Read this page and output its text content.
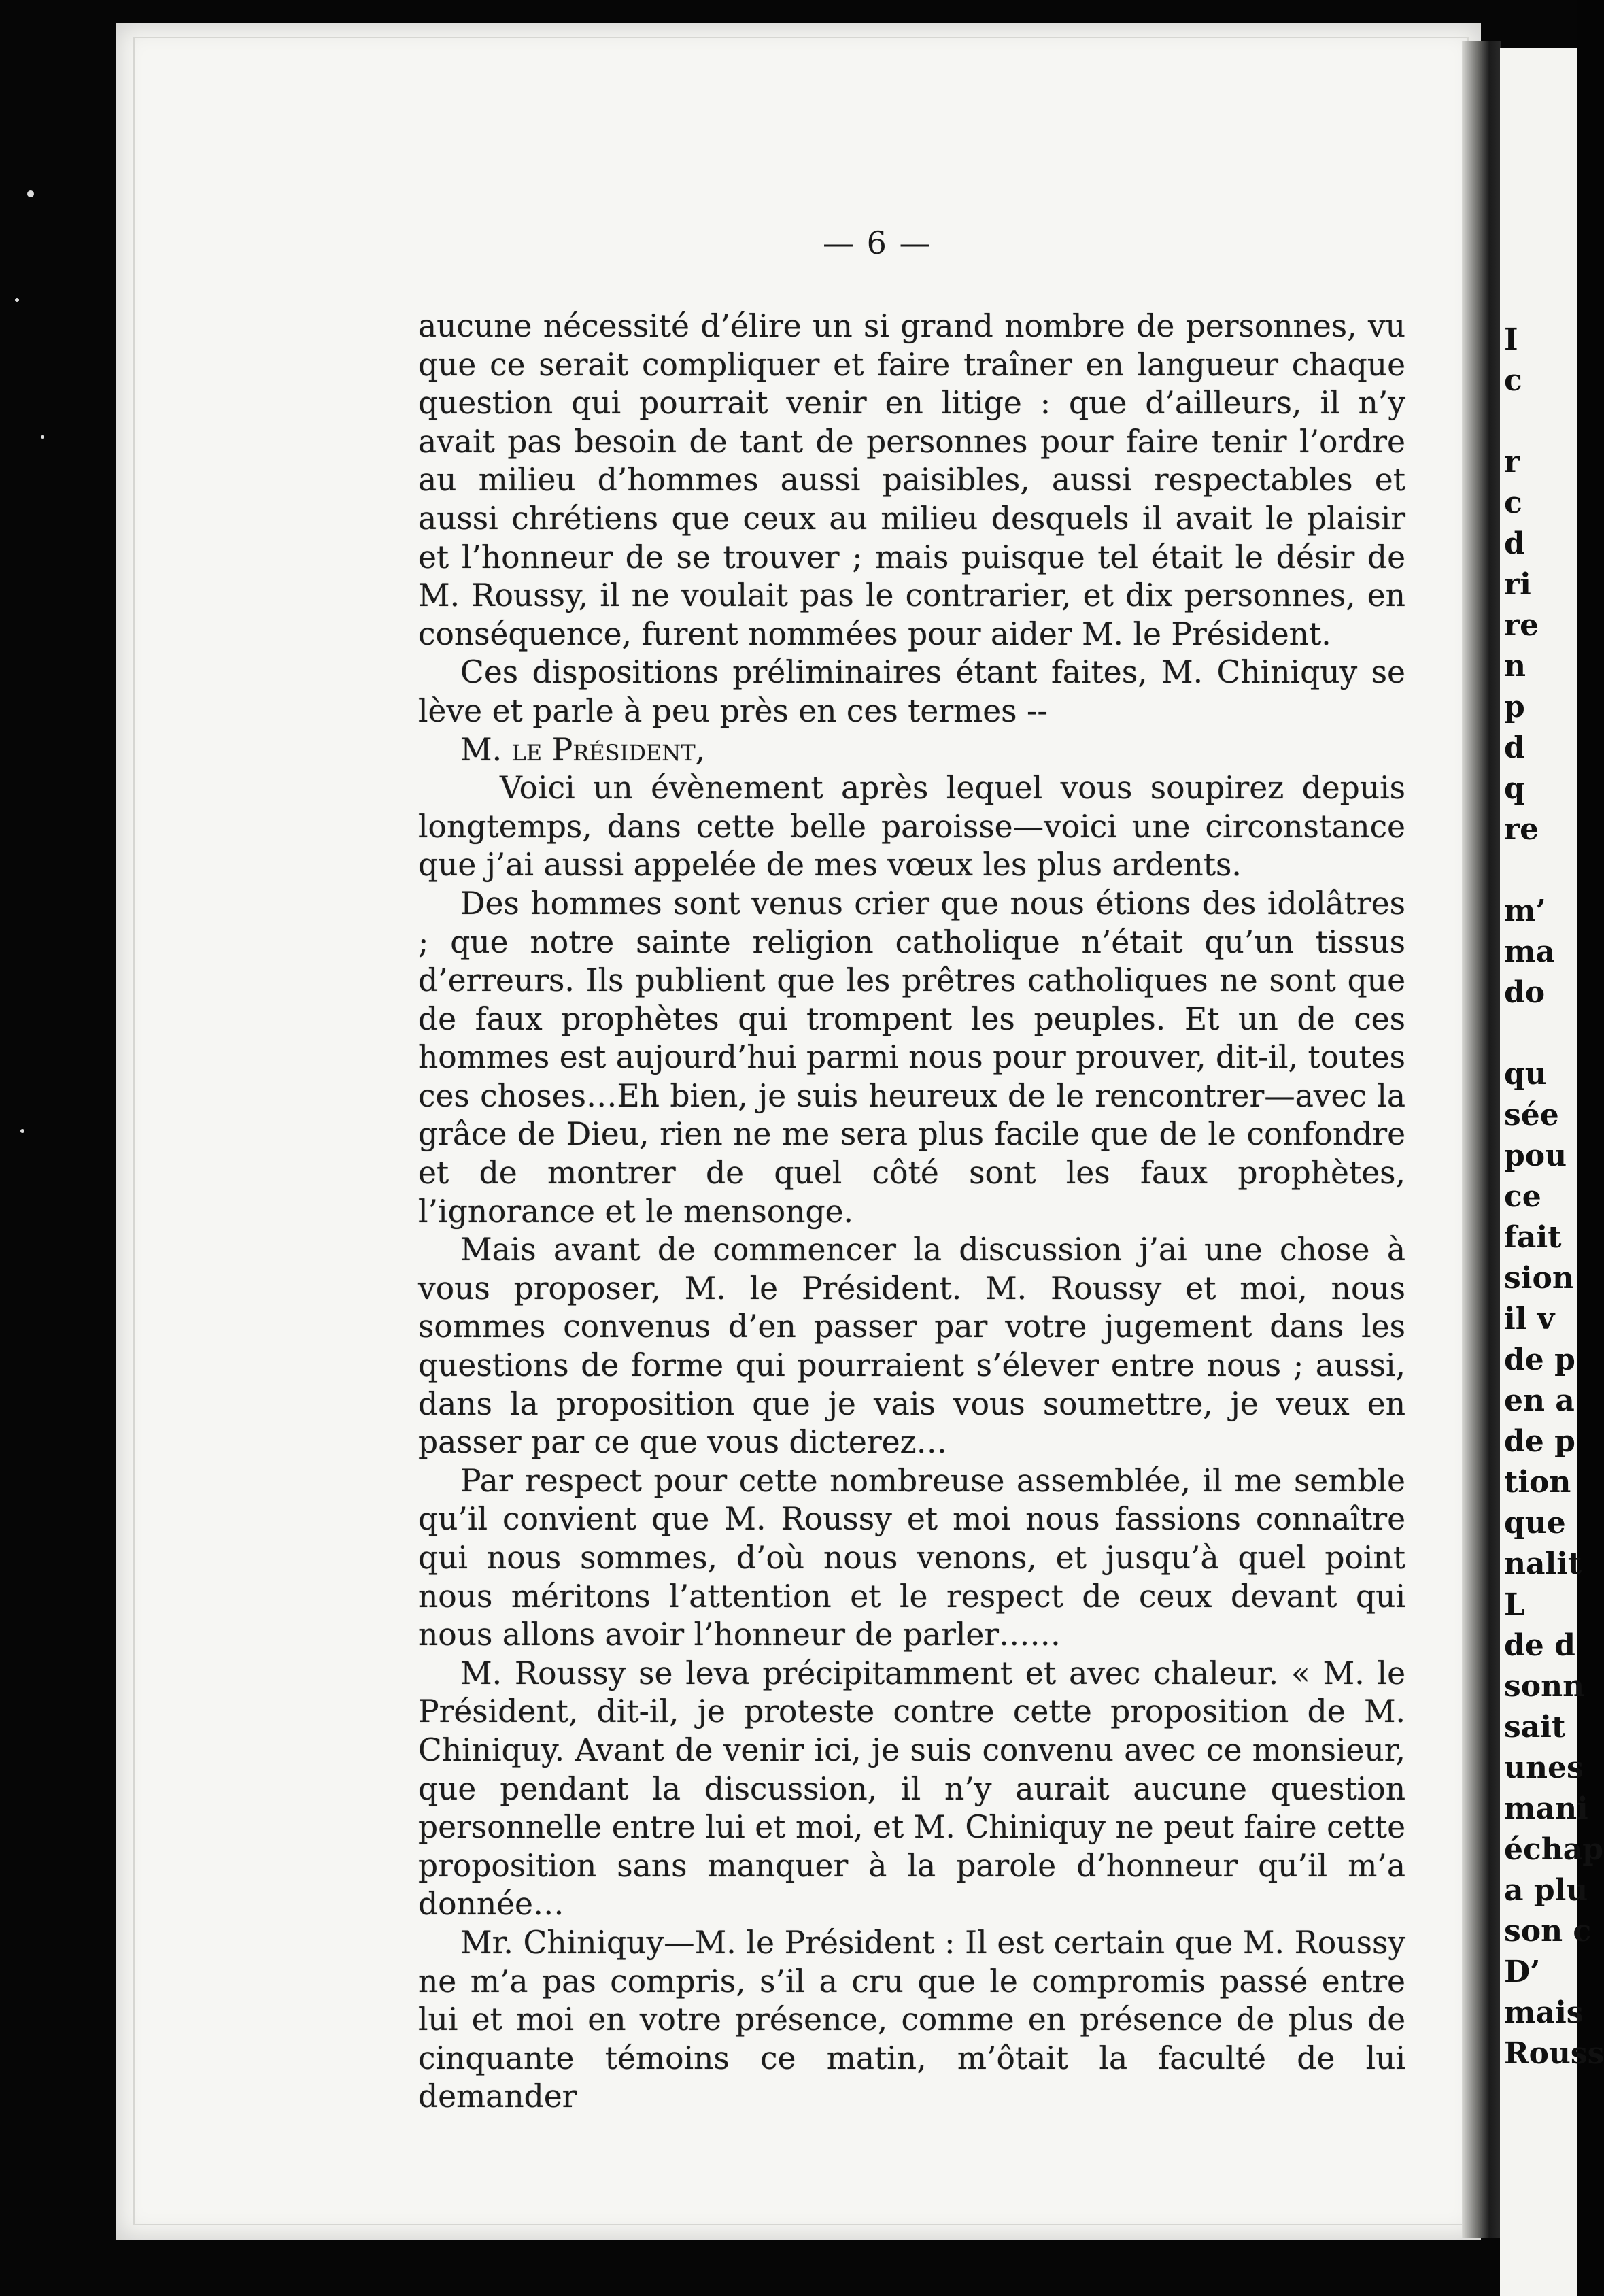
— 6 —

aucune nécessité d’élire un si grand nombre de personnes, vu que ce serait compliquer et faire traîner en langueur chaque question qui pourrait venir en litige : que d’ailleurs, il n’y avait pas besoin de tant de personnes pour faire tenir l’ordre au milieu d’hommes aussi paisibles, aussi respectables et aussi chrétiens que ceux au milieu desquels il avait le plaisir et l’honneur de se trouver ; mais puisque tel était le désir de M. Roussy, il ne voulait pas le contrarier, et dix personnes, en conséquence, furent nommées pour aider M. le Président.

Ces dispositions préliminaires étant faites, M. Chiniquy se lève et parle à peu près en ces termes --

M. le Président,

Voici un évènement après lequel vous soupirez depuis longtemps, dans cette belle paroisse—voici une circonstance que j’ai aussi appelée de mes vœux les plus ardents.

Des hommes sont venus crier que nous étions des idolâtres ; que notre sainte religion catholique n’était qu’un tissus d’erreurs. Ils publient que les prêtres catholiques ne sont que de faux prophètes qui trompent les peuples. Et un de ces hommes est aujourd’hui parmi nous pour prouver, dit-il, toutes ces choses…Eh bien, je suis heureux de le rencontrer—avec la grâce de Dieu, rien ne me sera plus facile que de le confondre et de montrer de quel côté sont les faux prophètes, l’ignorance et le mensonge.

Mais avant de commencer la discussion j’ai une chose à vous proposer, M. le Président. M. Roussy et moi, nous sommes convenus d’en passer par votre jugement dans les questions de forme qui pourraient s’élever entre nous ; aussi, dans la proposition que je vais vous soumettre, je veux en passer par ce que vous dicterez…

Par respect pour cette nombreuse assemblée, il me semble qu’il convient que M. Roussy et moi nous fassions connaître qui nous sommes, d’où nous venons, et jusqu’à quel point nous méritons l’attention et le respect de ceux devant qui nous allons avoir l’honneur de parler……

M. Roussy se leva précipitamment et avec chaleur. « M. le Président, dit-il, je proteste contre cette proposition de M. Chiniquy. Avant de venir ici, je suis convenu avec ce monsieur, que pendant la discussion, il n’y aurait aucune question personnelle entre lui et moi, et M. Chiniquy ne peut faire cette proposition sans manquer à la parole d’honneur qu’il m’a donnée…

Mr. Chiniquy—M. le Président : Il est certain que M. Roussy ne m’a pas compris, s’il a cru que le compromis passé entre lui et moi en votre présence, comme en présence de plus de cinquante témoins ce matin, m’ôtait la faculté de lui demander

I
c
r
c
d
ri
re
n
p
d
q
re
m’
ma
do
qu
sée
pou
ce
fait
sion
il v
de p
en a
de p
tion
que
nalit
L
de d
sonn
sait
unes
mani
échap
a plu
son c
D’
mais
Rouss
